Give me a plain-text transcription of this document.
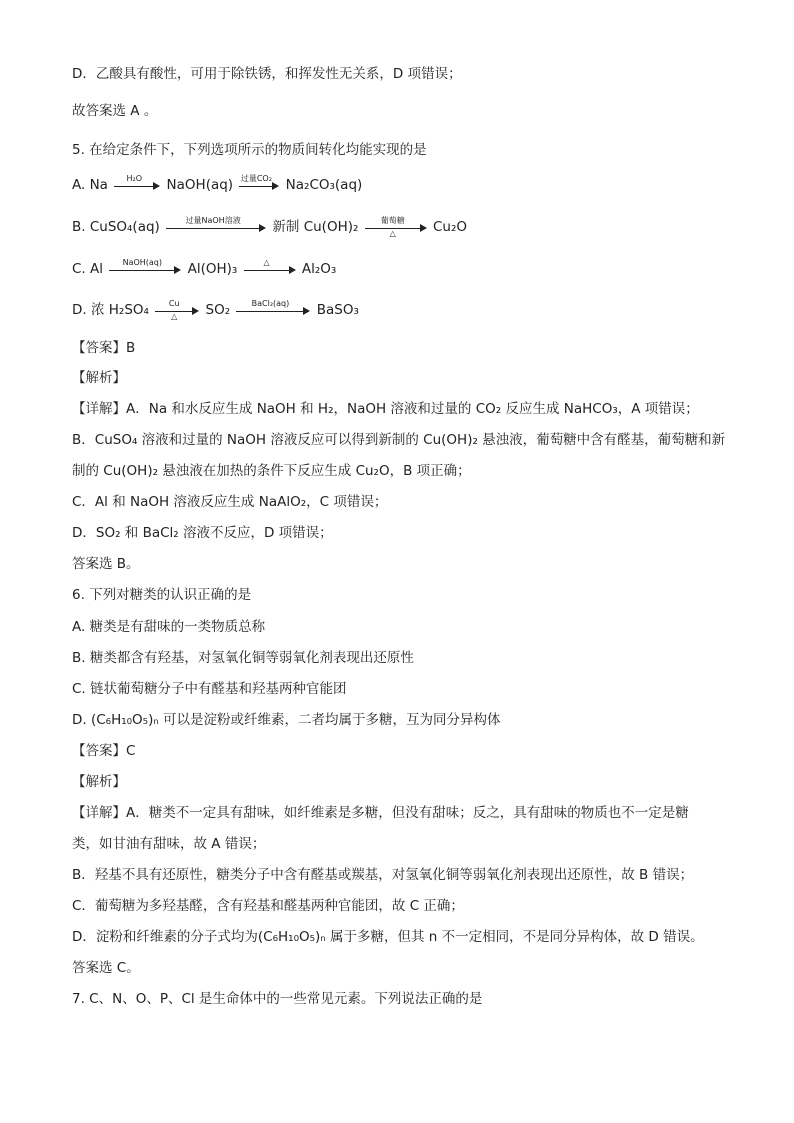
D．乙酸具有酸性，可用于除铁锈，和挥发性无关系，D 项错误；
故答案选 A 。
5. 在给定条件下，下列选项所示的物质间转化均能实现的是
A. Na	H₂O	NaOH(aq) 过量CO₂ Na₂CO₃(aq)
B. CuSO₄(aq)	过量NaOH溶液	新制 Cu(OH)₂	葡萄糖
△	Cu₂O
C. Al	NaOH(aq)	Al(OH)₃	△	Al₂O₃
D. 浓 H₂SO₄	Cu
△	SO₂	BaCl₂(aq)	BaSO₃
【答案】B
【解析】
【详解】A．Na 和水反应生成 NaOH 和 H₂，NaOH 溶液和过量的 CO₂ 反应生成 NaHCO₃，A 项错误；
B．CuSO₄ 溶液和过量的 NaOH 溶液反应可以得到新制的 Cu(OH)₂ 悬浊液，葡萄糖中含有醛基，葡萄糖和新
制的 Cu(OH)₂ 悬浊液在加热的条件下反应生成 Cu₂O，B 项正确；
C．Al 和 NaOH 溶液反应生成 NaAlO₂，C 项错误；
D．SO₂ 和 BaCl₂ 溶液不反应，D 项错误；
答案选 B。
6. 下列对糖类的认识正确的是
A. 糖类是有甜味的一类物质总称
B. 糖类都含有羟基，对氢氧化铜等弱氧化剂表现出还原性
C. 链状葡萄糖分子中有醛基和羟基两种官能团
D. (C₆H₁₀O₅)ₙ 可以是淀粉或纤维素，二者均属于多糖，互为同分异构体
【答案】C
【解析】
【详解】A．糖类不一定具有甜味，如纤维素是多糖，但没有甜味；反之，具有甜味的物质也不一定是糖
类，如甘油有甜味，故 A 错误；
B．羟基不具有还原性，糖类分子中含有醛基或羰基，对氢氧化铜等弱氧化剂表现出还原性，故 B 错误；
C．葡萄糖为多羟基醛，含有羟基和醛基两种官能团，故 C 正确；
D．淀粉和纤维素的分子式均为(C₆H₁₀O₅)ₙ 属于多糖，但其 n 不一定相同，不是同分异构体，故 D 错误。
答案选 C。
7. C、N、O、P、Cl 是生命体中的一些常见元素。下列说法正确的是
